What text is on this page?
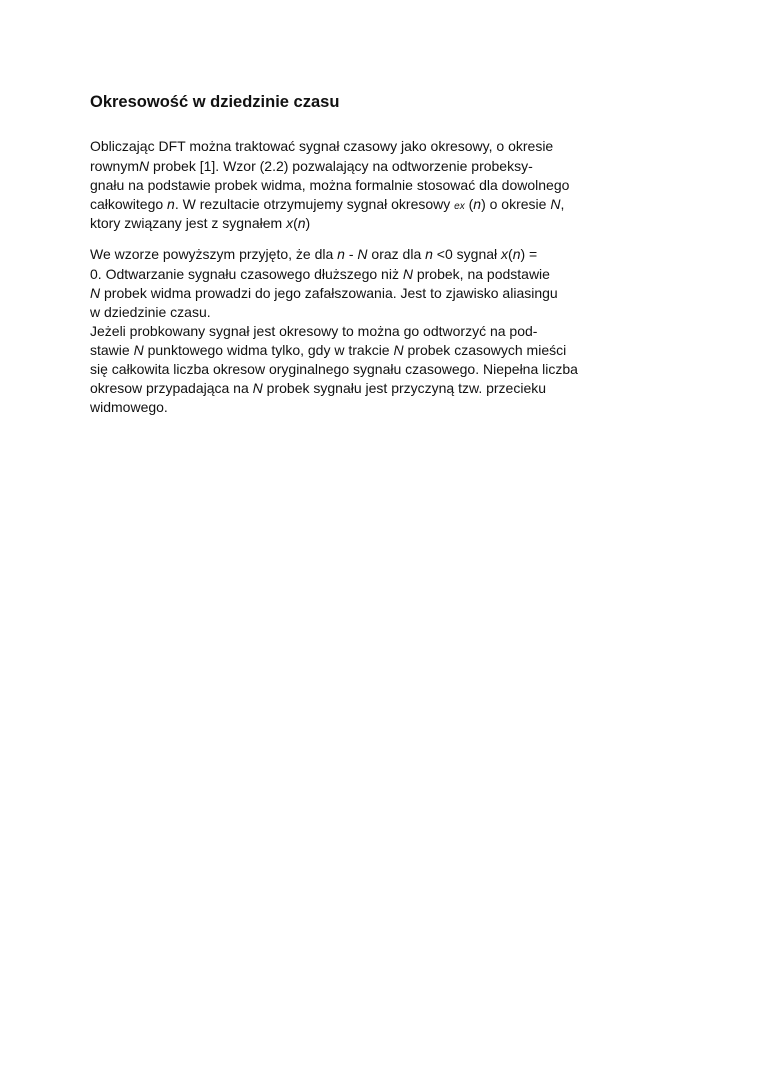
Okresowość w dziedzinie czasu
Obliczając DFT można traktować sygnał czasowy jako okresowy, o okresie
rownymN probek [1]. Wzor (2.2) pozwalający na odtworzenie probeksy-
gnału na podstawie probek widma, można formalnie stosować dla dowolnego
całkowitego n. W rezultacie otrzymujemy sygnał okresowy ex (n) o okresie N,
ktory związany jest z sygnałem x(n)
We wzorze powyższym przyjęto, że dla n - N oraz dla n <0 sygnał x(n) =
0. Odtwarzanie sygnału czasowego dłuższego niż N probek, na podstawie
N probek widma prowadzi do jego zafałszowania. Jest to zjawisko aliasingu
w dziedzinie czasu.
Jeżeli probkowany sygnał jest okresowy to można go odtworzyć na pod-
stawie N punktowego widma tylko, gdy w trakcie N probek czasowych mieści
się całkowita liczba okresow oryginalnego sygnału czasowego. Niepełna liczba
okresow przypadająca na N probek sygnału jest przyczyną tzw. przecieku
widmowego.
